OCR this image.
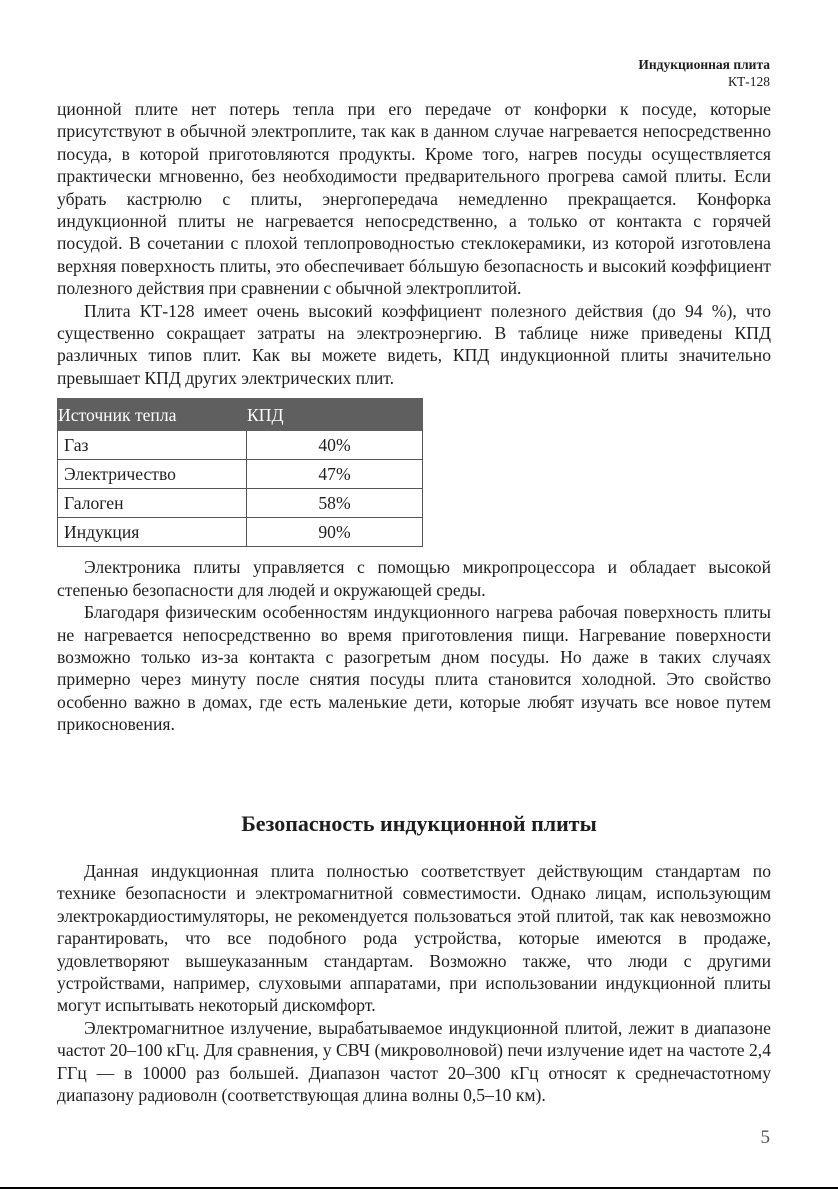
Индукционная плита
КТ-128

ционной плите нет потерь тепла при его передаче от конфорки к посуде, которые присутствуют в обычной электроплите, так как в данном случае нагревается непосредственно посуда, в которой приготовляются продукты. Кроме того, нагрев посуды осуществляется практически мгновенно, без необходимости предварительного прогрева самой плиты. Если убрать кастрюлю с плиты, энергопередача немедленно прекращается. Конфорка индукционной плиты не нагревается непосредственно, а только от контакта с горячей посудой. В сочетании с плохой теплопроводностью стеклокерамики, из которой изготовлена верхняя поверхность плиты, это обеспечивает бóльшую безопасность и высокий коэффициент полезного действия при сравнении с обычной электроплитой.

Плита КТ-128 имеет очень высокий коэффициент полезного действия (до 94 %), что существенно сокращает затраты на электроэнергию. В таблице ниже приведены КПД различных типов плит. Как вы можете видеть, КПД индукционной плиты значительно превышает КПД других электрических плит.

Источник тепла	КПД
Газ	40%
Электричество	47%
Галоген	58%
Индукция	90%

Электроника плиты управляется с помощью микропроцессора и обладает высокой степенью безопасности для людей и окружающей среды.

Благодаря физическим особенностям индукционного нагрева рабочая поверхность плиты не нагревается непосредственно во время приготовления пищи. Нагревание поверхности возможно только из-за контакта с разогретым дном посуды. Но даже в таких случаях примерно через минуту после снятия посуды плита становится холодной. Это свойство особенно важно в домах, где есть маленькие дети, которые любят изучать все новое путем прикосновения.

Безопасность индукционной плиты

Данная индукционная плита полностью соответствует действующим стандартам по технике безопасности и электромагнитной совместимости. Однако лицам, использующим электрокардиостимуляторы, не рекомендуется пользоваться этой плитой, так как невозможно гарантировать, что все подобного рода устройства, которые имеются в продаже, удовлетворяют вышеуказанным стандартам. Возможно также, что люди с другими устройствами, например, слуховыми аппаратами, при использовании индукционной плиты могут испытывать некоторый дискомфорт.

Электромагнитное излучение, вырабатываемое индукционной плитой, лежит в диапазоне частот 20–100 кГц. Для сравнения, у СВЧ (микроволновой) печи излучение идет на частоте 2,4 ГГц — в 10000 раз большей. Диапазон частот 20–300 кГц относят к среднечастотному диапазону радиоволн (соответствующая длина волны 0,5–10 км).

5
